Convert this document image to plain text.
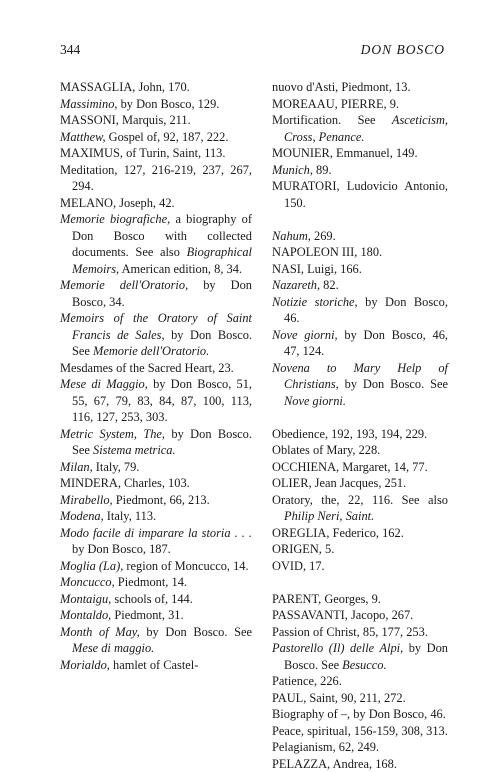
344	DON BOSCO
MASSAGLIA, John, 170.
Massimino, by Don Bosco, 129.
MASSONI, Marquis, 211.
Matthew, Gospel of, 92, 187, 222.
MAXIMUS, of Turin, Saint, 113.
Meditation, 127, 216-219, 237, 267, 294.
MELANO, Joseph, 42.
Memorie biografiche, a biography of Don Bosco with collected documents. See also Biographical Memoirs, American edition, 8, 34.
Memorie dell'Oratorio, by Don Bosco, 34.
Memoirs of the Oratory of Saint Francis de Sales, by Don Bosco. See Memorie dell'Oratorio.
Mesdames of the Sacred Heart, 23.
Mese di Maggio, by Don Bosco, 51, 55, 67, 79, 83, 84, 87, 100, 113, 116, 127, 253, 303.
Metric System, The, by Don Bosco. See Sistema metrica.
Milan, Italy, 79.
MINDERA, Charles, 103.
Mirabello, Piedmont, 66, 213.
Modena, Italy, 113.
Modo facile di imparare la storia . . . by Don Bosco, 187.
Moglia (La), region of Moncucco, 14.
Moncucco, Piedmont, 14.
Montaigu, schools of, 144.
Montaldo, Piedmont, 31.
Month of May, by Don Bosco. See Mese di maggio.
Morialdo, hamlet of Castel-
nuovo d'Asti, Piedmont, 13.
MOREAAU, PIERRE, 9.
Mortification. See Asceticism, Cross, Penance.
MOUNIER, Emmanuel, 149.
Munich, 89.
MURATORI, Ludovicio Antonio, 150.
Nahum, 269.
NAPOLEON III, 180.
NASI, Luigi, 166.
Nazareth, 82.
Notizie storiche, by Don Bosco, 46.
Nove giorni, by Don Bosco, 46, 47, 124.
Novena to Mary Help of Christians, by Don Bosco. See Nove giorni.
Obedience, 192, 193, 194, 229.
Oblates of Mary, 228.
OCCHIENA, Margaret, 14, 77.
OLIER, Jean Jacques, 251.
Oratory, the, 22, 116. See also Philip Neri, Saint.
OREGLIA, Federico, 162.
ORIGEN, 5.
OVID, 17.
PARENT, Georges, 9.
PASSAVANTI, Jacopo, 267.
Passion of Christ, 85, 177, 253.
Pastorello (Il) delle Alpi, by Don Bosco. See Besucco.
Patience, 226.
PAUL, Saint, 90, 211, 272.
Biography of –, by Don Bosco, 46.
Peace, spiritual, 156-159, 308, 313.
Pelagianism, 62, 249.
PELAZZA, Andrea, 168.
